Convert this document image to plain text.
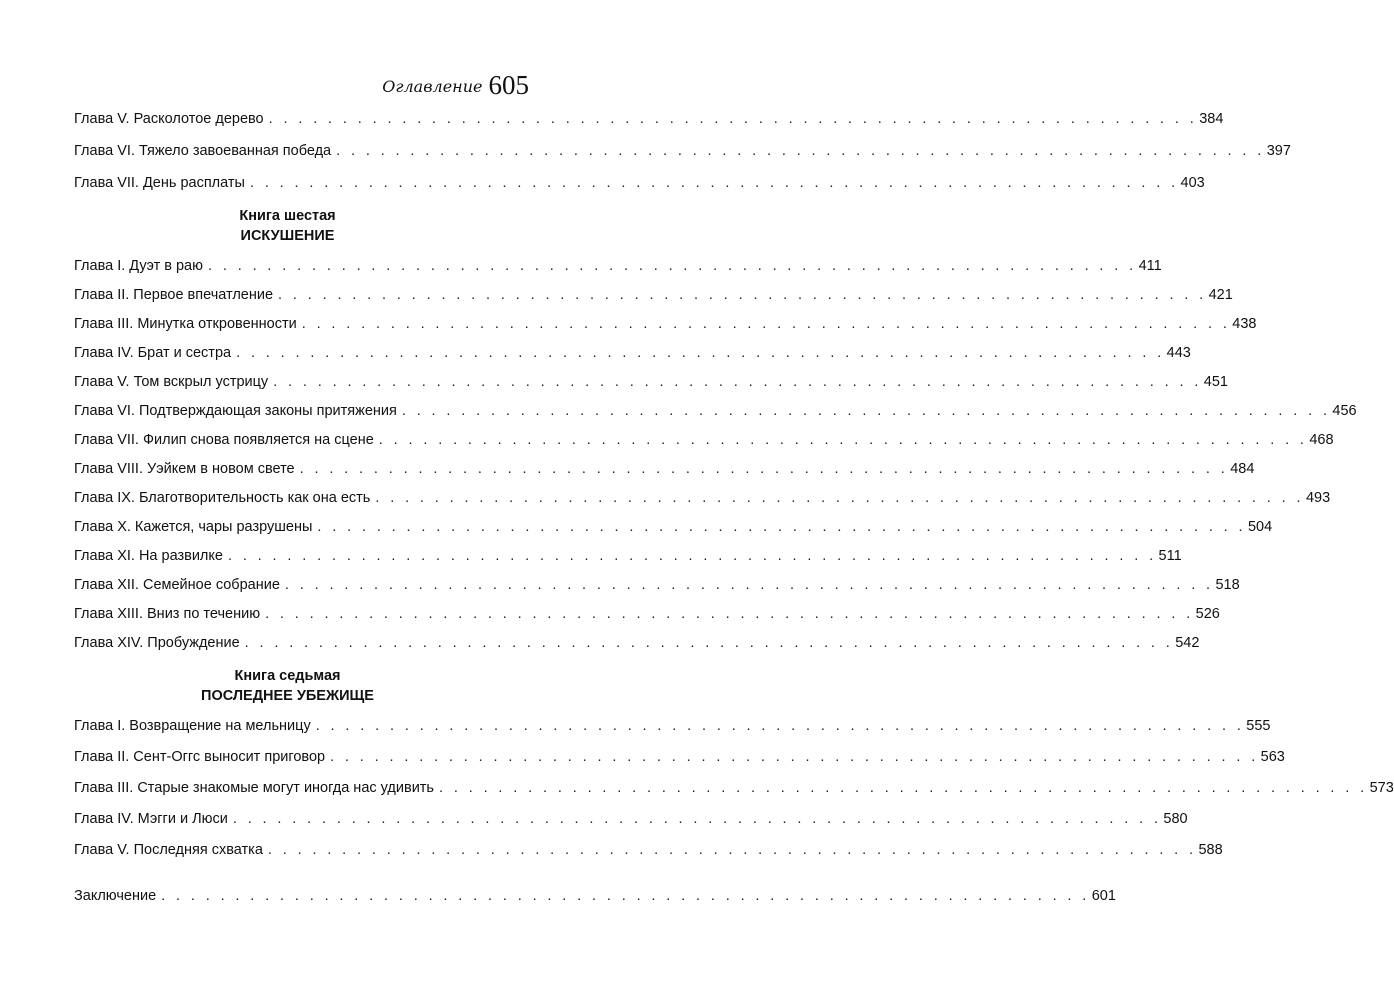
Оглавление 605
Глава V. Расколотое дерево . . . . . . . . . . . . . . . . . . . . . . . . . . . . . . . . . . . . . . . . . . . . . . . . . . . . . . . . . . . . . . . 384
Глава VI. Тяжело завоеванная победа . . . . . . . . . . . . . . . . . . . . . . . . . . . . . . . . . . . . . . . . . . . . . . . . . . . . . . . . . . . . . . . 397
Глава VII. День расплаты . . . . . . . . . . . . . . . . . . . . . . . . . . . . . . . . . . . . . . . . . . . . . . . . . . . . . . . . . . . . . . . 403
Книга шестая
ИСКУШЕНИЕ
Глава I. Дуэт в раю . . . . . . . . . . . . . . . . . . . . . . . . . . . . . . . . . . . . . . . . . . . . . . . . . . . . . . . . . . . . . . . 411
Глава II. Первое впечатление . . . . . . . . . . . . . . . . . . . . . . . . . . . . . . . . . . . . . . . . . . . . . . . . . . . . . . . . . . . . . . . 421
Глава III. Минутка откровенности . . . . . . . . . . . . . . . . . . . . . . . . . . . . . . . . . . . . . . . . . . . . . . . . . . . . . . . . . . . . . . . 438
Глава IV. Брат и сестра . . . . . . . . . . . . . . . . . . . . . . . . . . . . . . . . . . . . . . . . . . . . . . . . . . . . . . . . . . . . . . . 443
Глава V. Том вскрыл устрицу . . . . . . . . . . . . . . . . . . . . . . . . . . . . . . . . . . . . . . . . . . . . . . . . . . . . . . . . . . . . . . . 451
Глава VI. Подтверждающая законы притяжения . . . . . . . . . . . . . . . . . . . . . . . . . . . . . . . . . . . . . . . . . . . . . . . . . . . . . . . . . . . . . . . 456
Глава VII. Филип снова появляется на сцене . . . . . . . . . . . . . . . . . . . . . . . . . . . . . . . . . . . . . . . . . . . . . . . . . . . . . . . . . . . . . . . 468
Глава VIII. Уэйкем в новом свете . . . . . . . . . . . . . . . . . . . . . . . . . . . . . . . . . . . . . . . . . . . . . . . . . . . . . . . . . . . . . . . 484
Глава IX. Благотворительность как она есть . . . . . . . . . . . . . . . . . . . . . . . . . . . . . . . . . . . . . . . . . . . . . . . . . . . . . . . . . . . . . . . 493
Глава X. Кажется, чары разрушены . . . . . . . . . . . . . . . . . . . . . . . . . . . . . . . . . . . . . . . . . . . . . . . . . . . . . . . . . . . . . . . 504
Глава XI. На развилке . . . . . . . . . . . . . . . . . . . . . . . . . . . . . . . . . . . . . . . . . . . . . . . . . . . . . . . . . . . . . . . 511
Глава XII. Семейное собрание . . . . . . . . . . . . . . . . . . . . . . . . . . . . . . . . . . . . . . . . . . . . . . . . . . . . . . . . . . . . . . . 518
Глава XIII. Вниз по течению . . . . . . . . . . . . . . . . . . . . . . . . . . . . . . . . . . . . . . . . . . . . . . . . . . . . . . . . . . . . . . . 526
Глава XIV. Пробуждение . . . . . . . . . . . . . . . . . . . . . . . . . . . . . . . . . . . . . . . . . . . . . . . . . . . . . . . . . . . . . . . 542
Книга седьмая
ПОСЛЕДНЕЕ УБЕЖИЩЕ
Глава I. Возвращение на мельницу . . . . . . . . . . . . . . . . . . . . . . . . . . . . . . . . . . . . . . . . . . . . . . . . . . . . . . . . . . . . . . . 555
Глава II. Сент-Оггс выносит приговор . . . . . . . . . . . . . . . . . . . . . . . . . . . . . . . . . . . . . . . . . . . . . . . . . . . . . . . . . . . . . . . 563
Глава III. Старые знакомые могут иногда нас удивить . . . . . . . . . . . . . . . . . . . . . . . . . . . . . . . . . . . . . . . . . . . . . . . . . . . . . . . . . . . . . . . 573
Глава IV. Мэгги и Люси . . . . . . . . . . . . . . . . . . . . . . . . . . . . . . . . . . . . . . . . . . . . . . . . . . . . . . . . . . . . . . . 580
Глава V. Последняя схватка . . . . . . . . . . . . . . . . . . . . . . . . . . . . . . . . . . . . . . . . . . . . . . . . . . . . . . . . . . . . . . . 588
Заключение . . . . . . . . . . . . . . . . . . . . . . . . . . . . . . . . . . . . . . . . . . . . . . . . . . . . . . . . . . . . . . . 601
